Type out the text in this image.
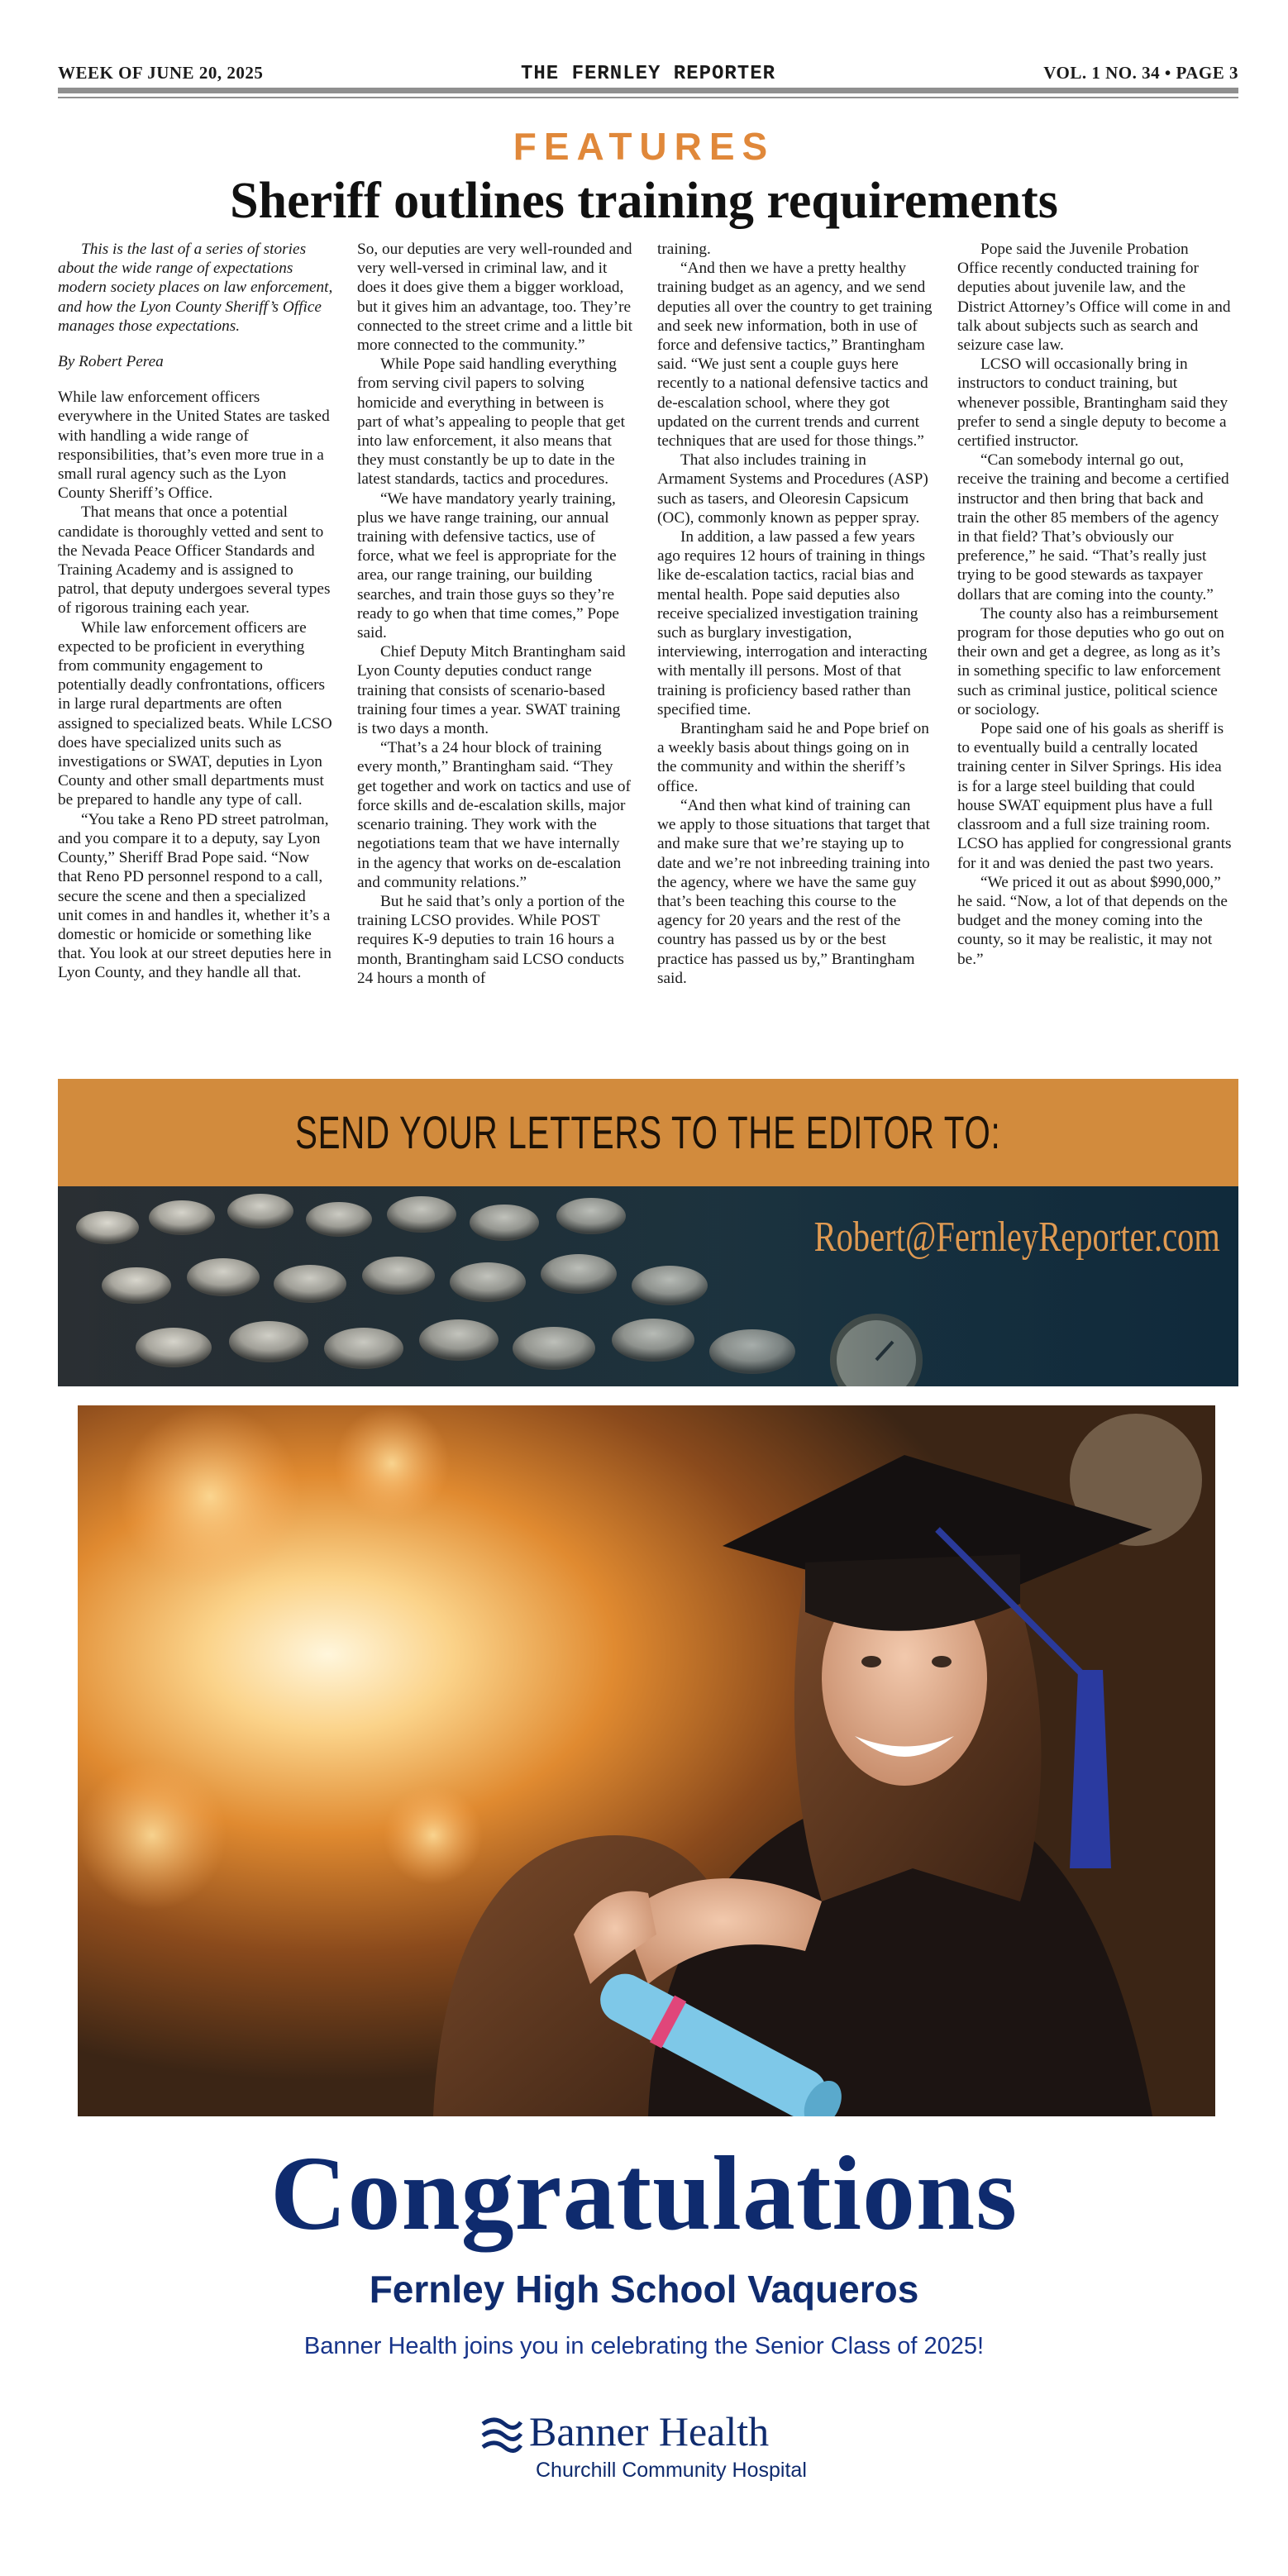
WEEK OF JUNE 20, 2025	THE FERNLEY REPORTER	VOL. 1 NO. 34 • PAGE 3
FEATURES
Sheriff outlines training requirements

This is the last of a series of stories about the wide range of expectations modern society places on law enforcement, and how the Lyon County Sheriff’s Office manages those expectations.

By Robert Perea

While law enforcement officers everywhere in the United States are tasked with handling a wide range of responsibilities, that’s even more true in a small rural agency such as the Lyon County Sheriff’s Office.

That means that once a potential candidate is thoroughly vetted and sent to the Nevada Peace Officer Standards and Training Academy and is assigned to patrol, that deputy undergoes several types of rigorous training each year.

While law enforcement officers are expected to be proficient in everything from community engagement to potentially deadly confrontations, officers in large rural departments are often assigned to specialized beats. While LCSO does have specialized units such as investigations or SWAT, deputies in Lyon County and other small departments must be prepared to handle any type of call.

“You take a Reno PD street patrolman, and you compare it to a deputy, say Lyon County,” Sheriff Brad Pope said. “Now that Reno PD personnel respond to a call, secure the scene and then a specialized unit comes in and handles it, whether it’s a domestic or homicide or something like that. You look at our street deputies here in Lyon County, and they handle all that.

So, our deputies are very well-rounded and very well-versed in criminal law, and it does it does give them a bigger workload, but it gives him an advantage, too. They’re connected to the street crime and a little bit more connected to the community.”

While Pope said handling everything from serving civil papers to solving homicide and everything in between is part of what’s appealing to people that get into law enforcement, it also means that they must constantly be up to date in the latest standards, tactics and procedures.

“We have mandatory yearly training, plus we have range training, our annual training with defensive tactics, use of force, what we feel is appropriate for the area, our range training, our building searches, and train those guys so they’re ready to go when that time comes,” Pope said.

Chief Deputy Mitch Brantingham said Lyon County deputies conduct range training that consists of scenario-based training four times a year. SWAT training is two days a month.

“That’s a 24 hour block of training every month,” Brantingham said. “They get together and work on tactics and use of force skills and de-escalation skills, major scenario training. They work with the negotiations team that we have internally in the agency that works on de-escalation and community relations.”

But he said that’s only a portion of the training LCSO provides. While POST requires K-9 deputies to train 16 hours a month, Brantingham said LCSO conducts 24 hours a month of

training.

“And then we have a pretty healthy training budget as an agency, and we send deputies all over the country to get training and seek new information, both in use of force and defensive tactics,” Brantingham said. “We just sent a couple guys here recently to a national defensive tactics and de-escalation school, where they got updated on the current trends and current techniques that are used for those things.”

That also includes training in Armament Systems and Procedures (ASP) such as tasers, and Oleoresin Capsicum (OC), commonly known as pepper spray.

In addition, a law passed a few years ago requires 12 hours of training in things like de-escalation tactics, racial bias and mental health. Pope said deputies also receive specialized investigation training such as burglary investigation, interviewing, interrogation and interacting with mentally ill persons. Most of that training is proficiency based rather than specified time.

Brantingham said he and Pope brief on a weekly basis about things going on in the community and within the sheriff’s office.

“And then what kind of training can we apply to those situations that target that and make sure that we’re staying up to date and we’re not inbreeding training into the agency, where we have the same guy that’s been teaching this course to the agency for 20 years and the rest of the country has passed us by or the best practice has passed us by,” Brantingham said.

Pope said the Juvenile Probation Office recently conducted training for deputies about juvenile law, and the District Attorney’s Office will come in and talk about subjects such as search and seizure case law.

LCSO will occasionally bring in instructors to conduct training, but whenever possible, Brantingham said they prefer to send a single deputy to become a certified instructor.

“Can somebody internal go out, receive the training and become a certified instructor and then bring that back and train the other 85 members of the agency in that field? That’s obviously our preference,” he said. “That’s really just trying to be good stewards as taxpayer dollars that are coming into the county.”

The county also has a reimbursement program for those deputies who go out on their own and get a degree, as long as it’s in something specific to law enforcement such as criminal justice, political science or sociology.

Pope said one of his goals as sheriff is to eventually build a centrally located training center in Silver Springs. His idea is for a large steel building that could house SWAT equipment plus have a full classroom and a full size training room. LCSO has applied for congressional grants for it and was denied the past two years.

“We priced it out as about $990,000,” he said. “Now, a lot of that depends on the budget and the money coming into the county, so it may be realistic, it may not be.”

SEND YOUR LETTERS TO THE EDITOR TO:
Robert@FernleyReporter.com
Congratulations
Fernley High School Vaqueros
Banner Health joins you in celebrating the Senior Class of 2025!
Banner Health
Churchill Community Hospital
